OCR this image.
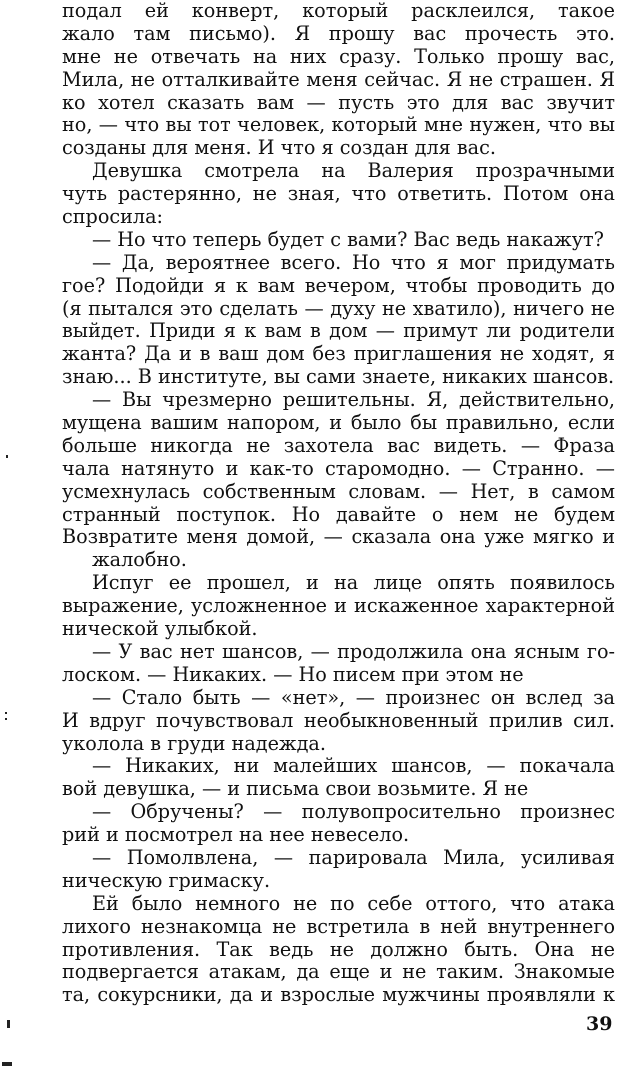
подал ей конверт, который расклеился, такое
жало там письмо). Я прошу вас прочесть это.
мне не отвечать на них сразу. Только прошу вас,
Мила, не отталкивайте меня сейчас. Я не страшен. Я
ко хотел сказать вам — пусть это для вас звучит
но, — что вы тот человек, который мне нужен, что вы
созданы для меня. И что я создан для вас.
Девушка смотрела на Валерия прозрачными
чуть растерянно, не зная, что ответить. Потом она
спросила:
— Но что теперь будет с вами? Вас ведь накажут?
— Да, вероятнее всего. Но что я мог придумать
гое? Подойди я к вам вечером, чтобы проводить до
(я пытался это сделать — духу не хватило), ничего не
выйдет. Приди я к вам в дом — примут ли родители
жанта? Да и в ваш дом без приглашения не ходят, я
знаю... В институте, вы сами знаете, никаких шансов.
— Вы чрезмерно решительны. Я, действительно,
мущена вашим напором, и было бы правильно, если
больше никогда не захотела вас видеть. — Фраза
чала натянуто и как-то старомодно. — Странно. —
усмехнулась собственным словам. — Нет, в самом
странный поступок. Но давайте о нем не будем
Возвратите меня домой, — сказала она уже мягко и
жалобно.
Испуг ее прошел, и на лице опять появилось
выражение, усложненное и искаженное характерной
нической улыбкой.
— У вас нет шансов, — продолжила она ясным го-
лоском. — Никаких. — Но писем при этом не
— Стало быть — «нет», — произнес он вслед за
И вдруг почувствовал необыкновенный прилив сил.
уколола в груди надежда.
— Никаких, ни малейших шансов, — покачала
вой девушка, — и письма свои возьмите. Я не
— Обручены? — полувопросительно произнес
рий и посмотрел на нее невесело.
— Помолвлена, — парировала Мила, усиливая
ническую гримаску.
Ей было немного не по себе оттого, что атака
лихого незнакомца не встретила в ней внутреннего
противления. Так ведь не должно быть. Она не
подвергается атакам, да еще и не таким. Знакомые
та, сокурсники, да и взрослые мужчины проявляли к
39
